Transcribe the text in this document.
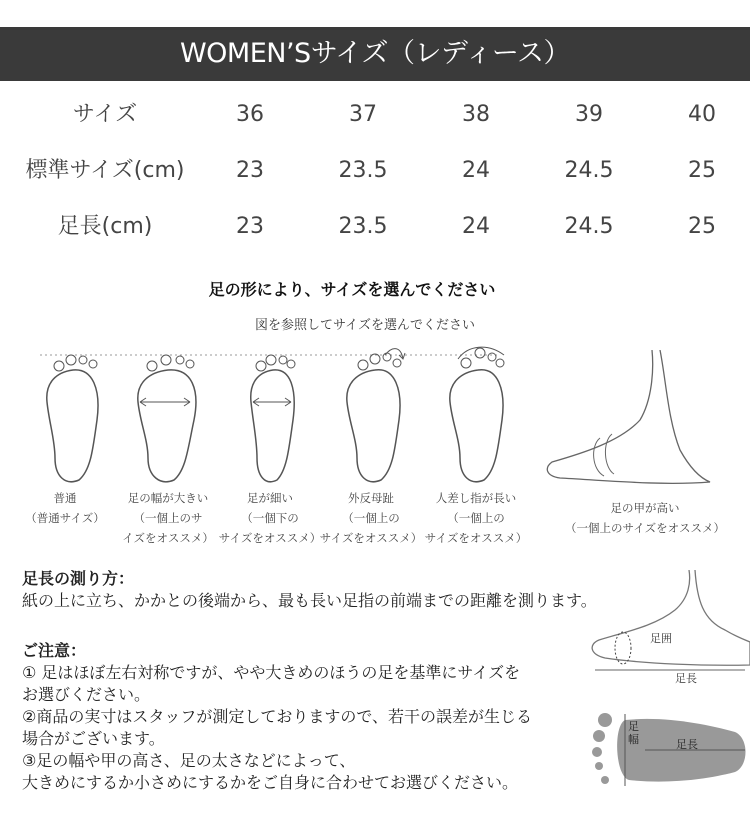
WOMEN’Sサイズ（レディース）
サイズ	36	37	38	39	40
標準サイズ(cm)	23	23.5	24	24.5	25
足長(cm)	23	23.5	24	24.5	25
足の形により、サイズを選んでください
図を参照してサイズを選んでください
普通
（普通サイズ）
足の幅が大きい
（一個上のサ
イズをオススメ）
足が細い
（一個下の
サイズをオススメ）
外反母趾
（一個上の
サイズをオススメ）
人差し指が長い
（一個上の
サイズをオススメ）
足の甲が高い
（一個上のサイズをオススメ）
足長の測り方：
紙の上に立ち、かかとの後端から、最も長い足指の前端までの距離を測ります。
ご注意：
① 足はほぼ左右対称ですが、やや大きめのほうの足を基準にサイズを
お選びください。
②商品の実寸はスタッフが測定しておりますので、若干の誤差が生じる
場合がございます。
③足の幅や甲の高さ、足の太さなどによって、
大きめにするか小さめにするかをご自身に合わせてお選びください。
足囲
足長
足幅	足長
